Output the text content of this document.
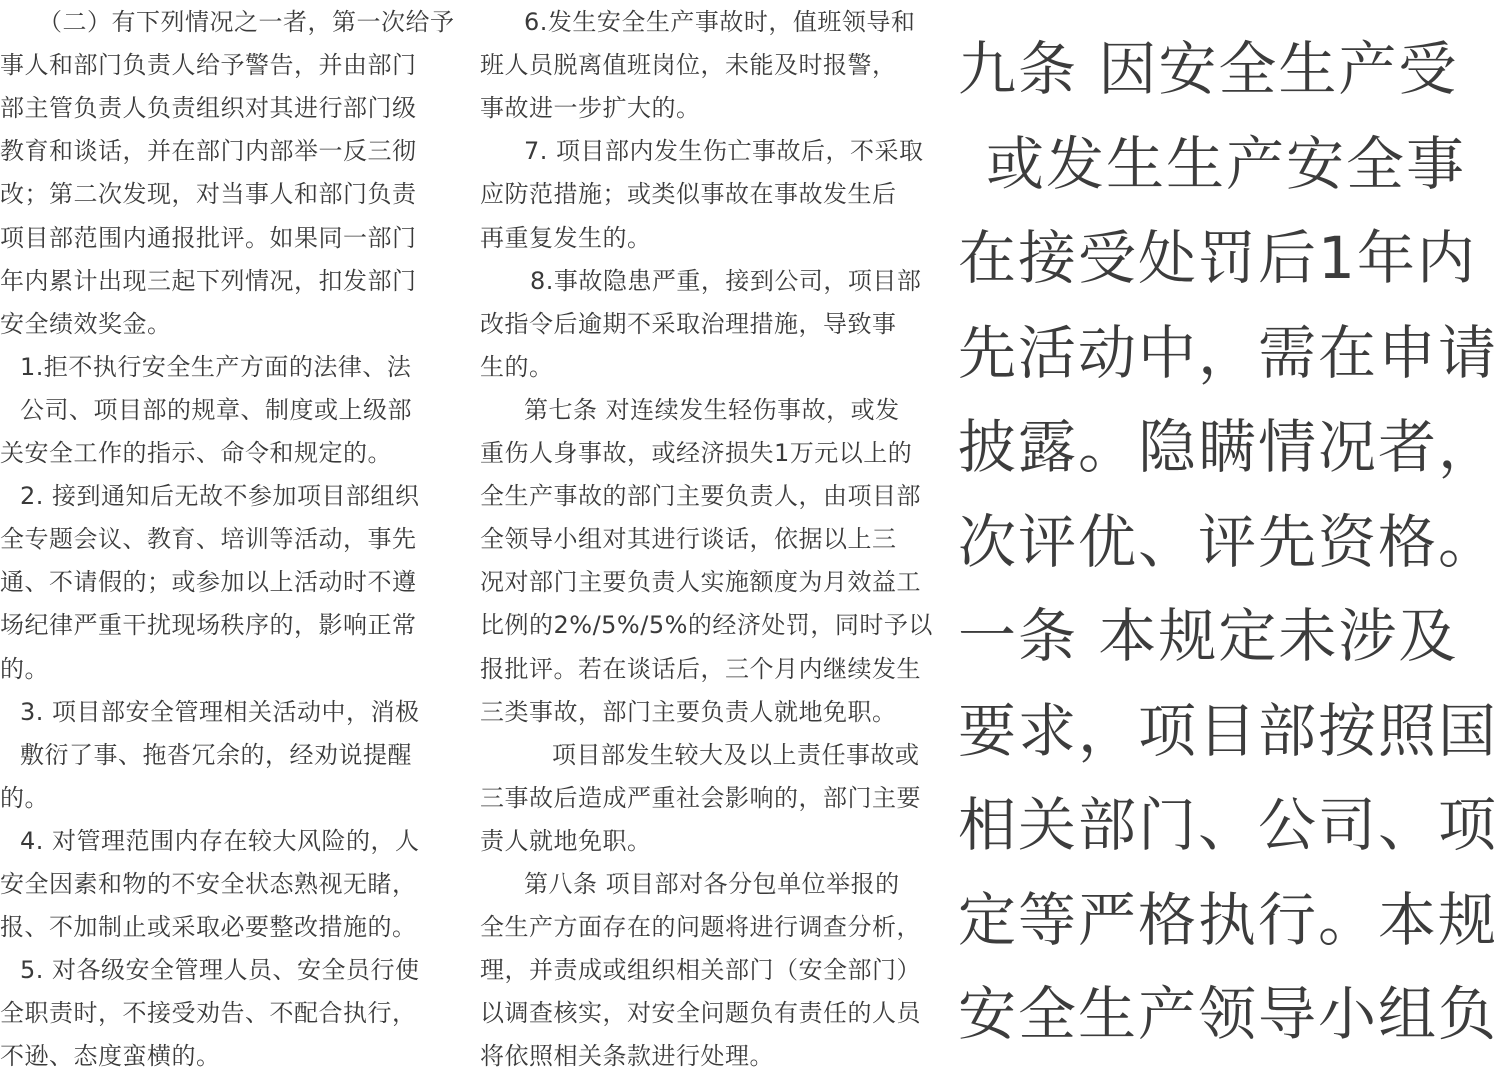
（二）有下列情况之一者，第一次给予
事人和部门负责人给予警告，并由部门
部主管负责人负责组织对其进行部门级
教育和谈话，并在部门内部举一反三彻
改；第二次发现，对当事人和部门负责
项目部范围内通报批评。如果同一部门
年内累计出现三起下列情况，扣发部门
安全绩效奖金。
1.拒不执行安全生产方面的法律、法
公司、项目部的规章、制度或上级部
关安全工作的指示、命令和规定的。
2. 接到通知后无故不参加项目部组织
全专题会议、教育、培训等活动，事先
通、不请假的；或参加以上活动时不遵
场纪律严重干扰现场秩序的，影响正常
的。
3. 项目部安全管理相关活动中，消极
敷衍了事、拖沓冗余的，经劝说提醒
的。
4. 对管理范围内存在较大风险的，人
安全因素和物的不安全状态熟视无睹，
报、不加制止或采取必要整改措施的。
5. 对各级安全管理人员、安全员行使
全职责时，不接受劝告、不配合执行，
不逊、态度蛮横的。
6.发生安全生产事故时，值班领导和
班人员脱离值班岗位，未能及时报警，
事故进一步扩大的。
7. 项目部内发生伤亡事故后，不采取
应防范措施；或类似事故在事故发生后
再重复发生的。
8.事故隐患严重，接到公司，项目部
改指令后逾期不采取治理措施，导致事
生的。
第七条 对连续发生轻伤事故，或发
重伤人身事故，或经济损失1万元以上的
全生产事故的部门主要负责人，由项目部
全领导小组对其进行谈话，依据以上三
况对部门主要负责人实施额度为月效益工
比例的2%/5%/5%的经济处罚，同时予以
报批评。若在谈话后，三个月内继续发生
三类事故，部门主要负责人就地免职。
项目部发生较大及以上责任事故或
三事故后造成严重社会影响的，部门主要
责人就地免职。
第八条 项目部对各分包单位举报的
全生产方面存在的问题将进行调查分析，
理，并责成或组织相关部门（安全部门）
以调查核实，对安全问题负有责任的人员
将依照相关条款进行处理。
九条 因安全生产受
或发生生产安全事
在接受处罚后1年内
先活动中，需在申请
披露。隐瞒情况者，
次评优、评先资格。
一条 本规定未涉及
要求，项目部按照国
相关部门、公司、项
定等严格执行。本规
安全生产领导小组负
